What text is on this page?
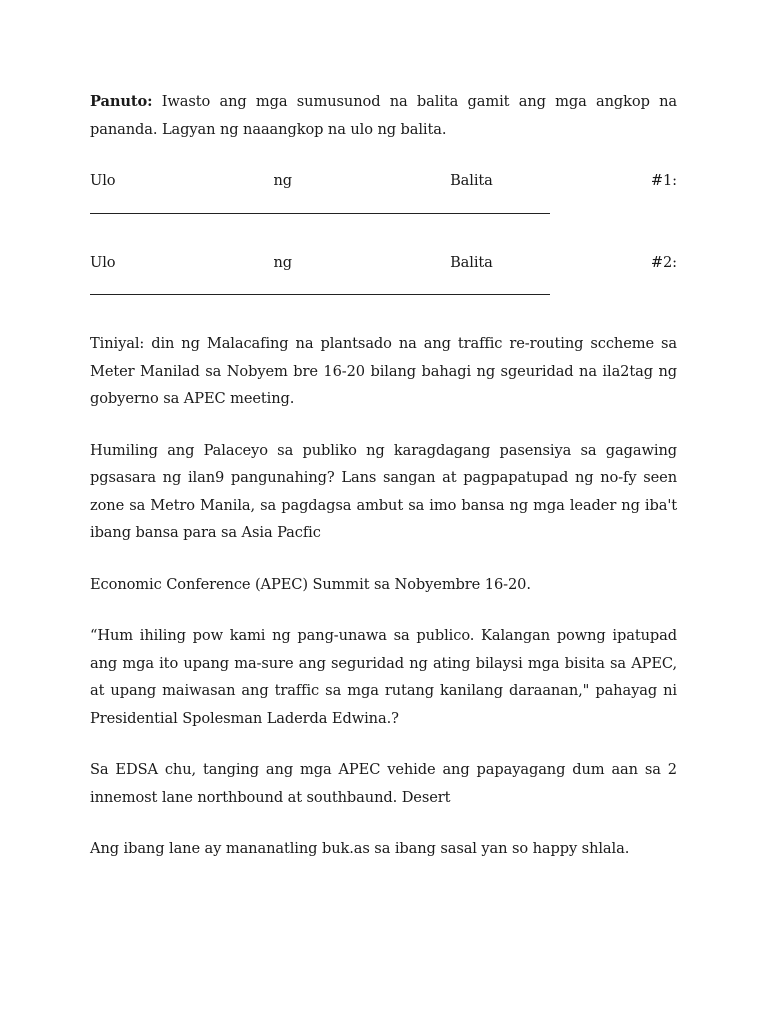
Panuto: Iwasto ang mga sumusunod na balita gamit ang mga angkop na pananda. Lagyan ng naaangkop na ulo ng balita.

Ulo	ng	Balita	#1:
Ulo	ng	Balita	#2:

Tiniyal: din ng Malacafing na plantsado na ang traffic re-routing sccheme sa Meter Manilad sa Nobyem bre 16-20 bilang bahagi ng sgeuridad na ila2tag ng gobyerno sa APEC meeting.

Humiling ang Palaceyo sa publiko ng karagdagang pasensiya sa gagawing pgsasara ng ilan9 pangunahing? Lans sangan at pagpapatupad ng no-fy seen zone sa Metro Manila, sa pagdagsa ambut sa imo bansa ng mga leader ng iba't ibang bansa para sa Asia Pacfic

Economic Conference (APEC) Summit sa Nobyembre 16-20.

“Hum ihiling pow kami ng pang-unawa sa publico. Kalangan powng ipatupad ang mga ito upang ma-sure ang seguridad ng ating bilaysi mga bisita sa APEC, at upang maiwasan ang traffic sa mga rutang kanilang daraanan," pahayag ni Presidential Spolesman Laderda Edwina.?

Sa EDSA chu, tanging ang mga APEC vehide ang papayagang dum aan sa 2 innemost lane northbound at southbaund. Desert

Ang ibang lane ay mananatling buk.as sa ibang sasal yan so happy shlala.
